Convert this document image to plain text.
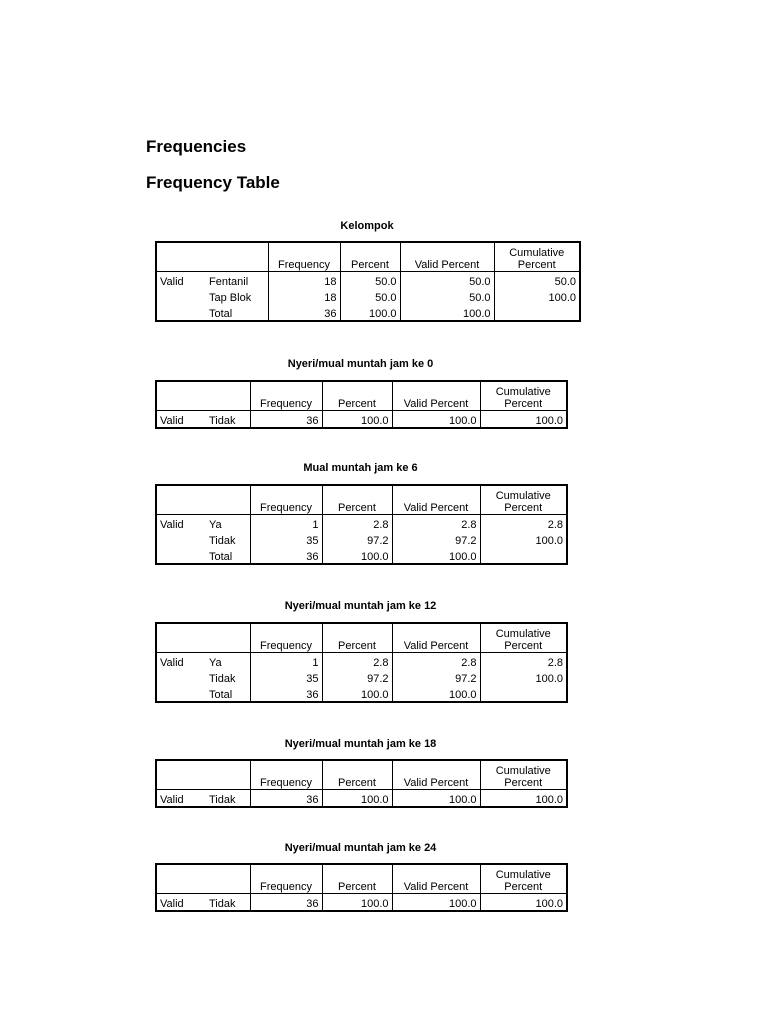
Frequencies
Frequency Table
Kelompok
		Frequency	Percent	Valid Percent	Cumulative Percent
Valid	Fentanil	18	50.0	50.0	50.0
	Tap Blok	18	50.0	50.0	100.0
	Total	36	100.0	100.0	
Nyeri/mual muntah jam ke 0
		Frequency	Percent	Valid Percent	Cumulative Percent
Valid	Tidak	36	100.0	100.0	100.0
Mual muntah jam ke 6
		Frequency	Percent	Valid Percent	Cumulative Percent
Valid	Ya	1	2.8	2.8	2.8
	Tidak	35	97.2	97.2	100.0
	Total	36	100.0	100.0	
Nyeri/mual muntah jam ke 12
		Frequency	Percent	Valid Percent	Cumulative Percent
Valid	Ya	1	2.8	2.8	2.8
	Tidak	35	97.2	97.2	100.0
	Total	36	100.0	100.0	
Nyeri/mual muntah jam ke 18
		Frequency	Percent	Valid Percent	Cumulative Percent
Valid	Tidak	36	100.0	100.0	100.0
Nyeri/mual muntah jam ke 24
		Frequency	Percent	Valid Percent	Cumulative Percent
Valid	Tidak	36	100.0	100.0	100.0
